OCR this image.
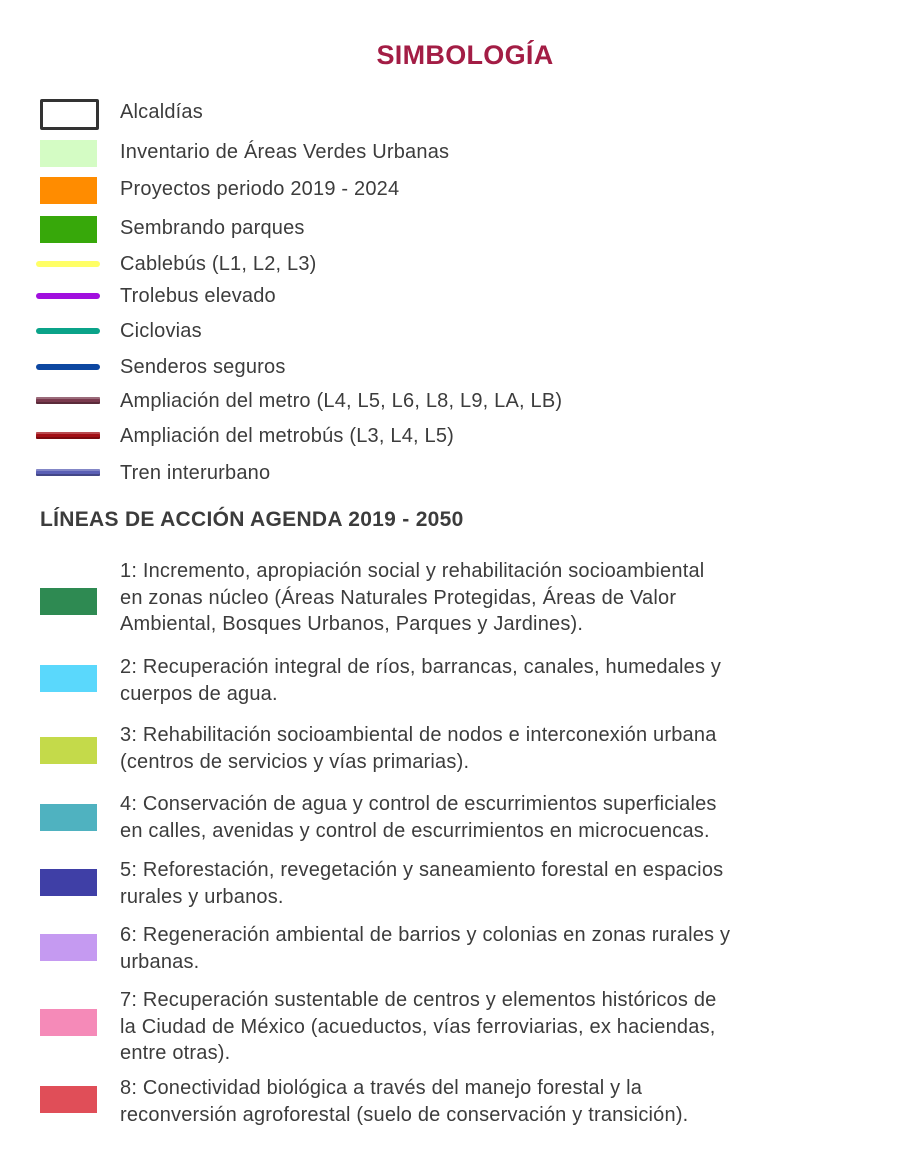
SIMBOLOGÍA
Alcaldías
Inventario de Áreas Verdes Urbanas
Proyectos periodo 2019 - 2024
Sembrando parques
Cablebús (L1, L2, L3)
Trolebus elevado
Ciclovias
Senderos seguros
Ampliación del metro (L4, L5, L6, L8, L9, LA, LB)
Ampliación del metrobús (L3, L4, L5)
Tren interurbano
LÍNEAS DE ACCIÓN AGENDA 2019 - 2050
1: Incremento, apropiación social y rehabilitación socioambiental
en zonas núcleo (Áreas Naturales Protegidas, Áreas de Valor
Ambiental, Bosques Urbanos, Parques y Jardines).
2: Recuperación integral de ríos, barrancas, canales, humedales y
cuerpos de agua.
3: Rehabilitación socioambiental de nodos e interconexión urbana
(centros de servicios y vías primarias).
4: Conservación de agua y control de escurrimientos superficiales
en calles, avenidas y control de escurrimientos en microcuencas.
5: Reforestación, revegetación y saneamiento forestal en espacios
rurales y urbanos.
6: Regeneración ambiental de barrios y colonias en zonas rurales y
urbanas.
7: Recuperación sustentable de centros y elementos históricos de
la Ciudad de México (acueductos, vías ferroviarias, ex haciendas,
entre otras).
8: Conectividad biológica a través del manejo forestal y la
reconversión agroforestal (suelo de conservación y transición).
